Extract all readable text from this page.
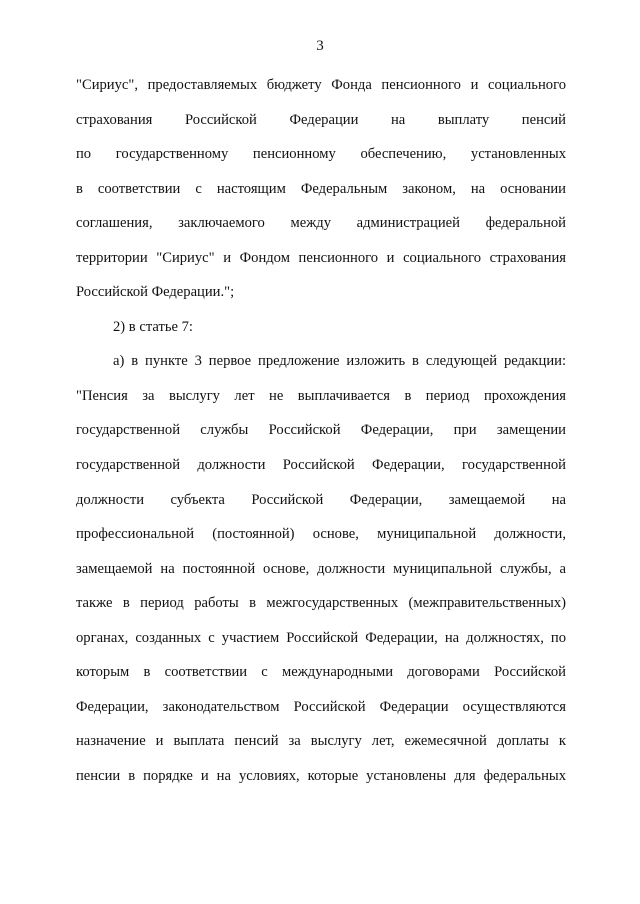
3
"Сириус", предоставляемых бюджету Фонда пенсионного и социального
страхования Российской Федерации на выплату пенсий
по государственному пенсионному обеспечению, установленных
в соответствии с настоящим Федеральным законом, на основании
соглашения, заключаемого между администрацией федеральной
территории "Сириус" и Фондом пенсионного и социального страхования
Российской Федерации.";
2) в статье 7:
а) в пункте 3 первое предложение изложить в следующей редакции:
"Пенсия за выслугу лет не выплачивается в период прохождения
государственной службы Российской Федерации, при замещении
государственной должности Российской Федерации, государственной
должности субъекта Российской Федерации, замещаемой на
профессиональной (постоянной) основе, муниципальной должности,
замещаемой на постоянной основе, должности муниципальной службы, а
также в период работы в межгосударственных (межправительственных)
органах, созданных с участием Российской Федерации, на должностях, по
которым в соответствии с международными договорами Российской
Федерации, законодательством Российской Федерации осуществляются
назначение и выплата пенсий за выслугу лет, ежемесячной доплаты к
пенсии в порядке и на условиях, которые установлены для федеральных
